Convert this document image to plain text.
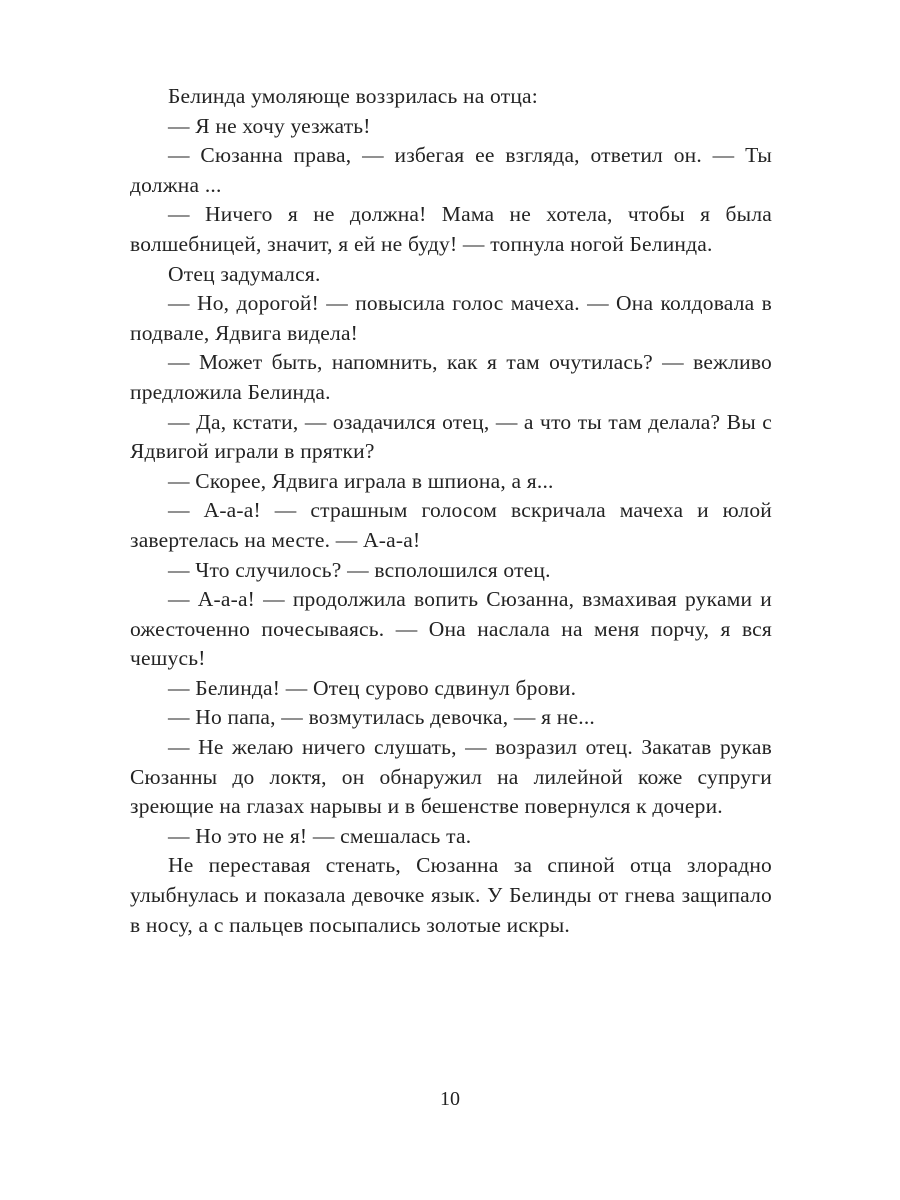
Белинда умоляюще воззрилась на отца:

— Я не хочу уезжать!

— Сюзанна права, — избегая ее взгляда, ответил он. — Ты должна ...

— Ничего я не должна! Мама не хотела, чтобы я была волшебницей, значит, я ей не буду! — топнула ногой Белинда.

Отец задумался.

— Но, дорогой! — повысила голос мачеха. — Она колдовала в подвале, Ядвига видела!

— Может быть, напомнить, как я там очутилась? — вежливо предложила Белинда.

— Да, кстати, — озадачился отец, — а что ты там делала? Вы с Ядвигой играли в прятки?

— Скорее, Ядвига играла в шпиона, а я...

— А-а-а! — страшным голосом вскричала мачеха и юлой завертелась на месте. — А-а-а!

— Что случилось? — всполошился отец.

— А-а-а! — продолжила вопить Сюзанна, взмахивая руками и ожесточенно почесываясь. — Она наслала на меня порчу, я вся чешусь!

— Белинда! — Отец сурово сдвинул брови.

— Но папа, — возмутилась девочка, — я не...

— Не желаю ничего слушать, — возразил отец. Закатав рукав Сюзанны до локтя, он обнаружил на лилейной коже супруги зреющие на глазах нарывы и в бешенстве повернулся к дочери.

— Но это не я! — смешалась та.

Не переставая стенать, Сюзанна за спиной отца злорадно улыбнулась и показала девочке язык. У Белинды от гнева защипало в носу, а с пальцев посыпались золотые искры.

10
